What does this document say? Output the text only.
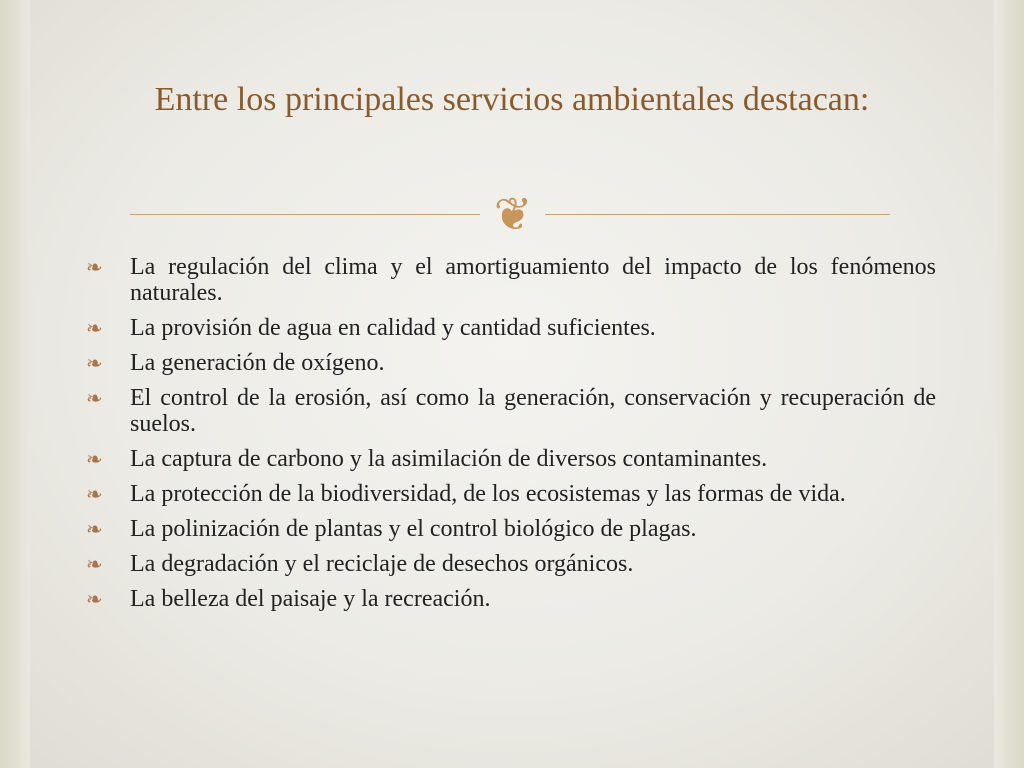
Entre los principales servicios ambientales destacan:
❦
❧ La regulación del clima y el amortiguamiento del impacto de los fenómenos naturales.
❧ La provisión de agua en calidad y cantidad suficientes.
❧ La generación de oxígeno.
❧ El control de la erosión, así como la generación, conservación y recuperación de suelos.
❧ La captura de carbono y la asimilación de diversos contaminantes.
❧ La protección de la biodiversidad, de los ecosistemas y las formas de vida.
❧ La polinización de plantas y el control biológico de plagas.
❧ La degradación y el reciclaje de desechos orgánicos.
❧ La belleza del paisaje y la recreación.
